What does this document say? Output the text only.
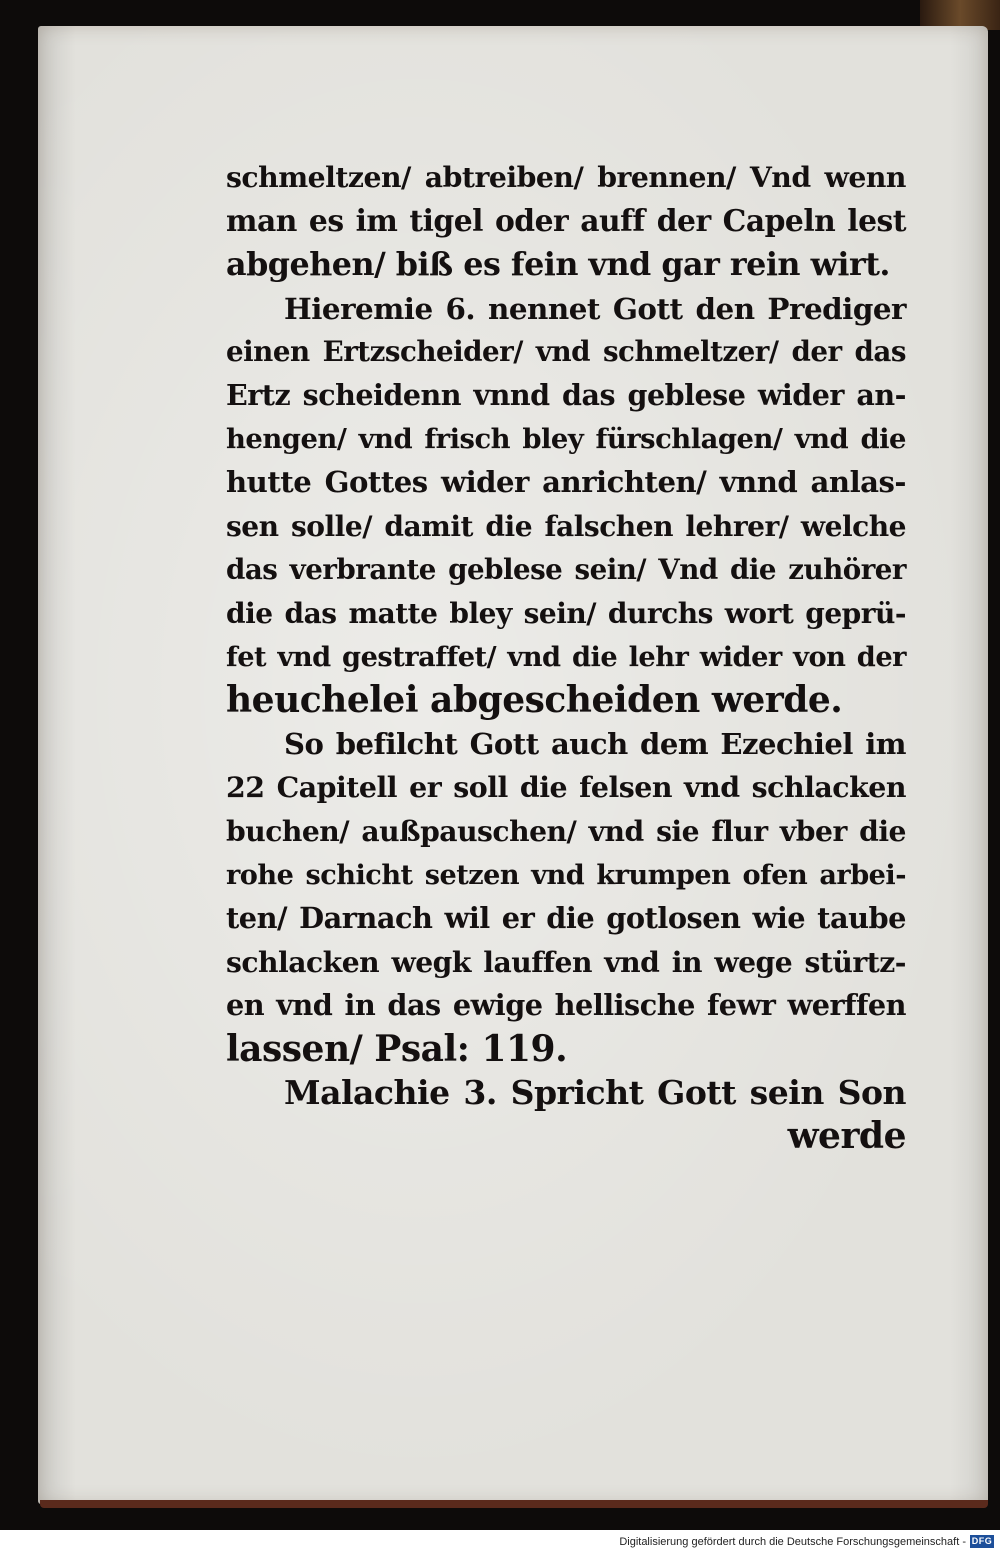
schmeltzen/ abtreiben/ brennen/ Vnd wenn
man es im tigel oder auff der Capeln lest
abgehen/ biß es fein vnd gar rein wirt.
Hieremie 6. nennet Gott den Prediger
einen Ertzscheider/ vnd schmeltzer/ der das
Ertz scheidenn vnnd das geblese wider an-
hengen/ vnd frisch bley fürschlagen/ vnd die
hutte Gottes wider anrichten/ vnnd anlas-
sen solle/ damit die falschen lehrer/ welche
das verbrante geblese sein/ Vnd die zuhörer
die das matte bley sein/ durchs wort geprü-
fet vnd gestraffet/ vnd die lehr wider von der
heuchelei abgescheiden werde.
So befilcht Gott auch dem Ezechiel im
22 Capitell er soll die felsen vnd schlacken
buchen/ außpauschen/ vnd sie flur vber die
rohe schicht setzen vnd krumpen ofen arbei-
ten/ Darnach wil er die gotlosen wie taube
schlacken wegk lauffen vnd in wege stürtz-
en vnd in das ewige hellische fewr werffen
lassen/ Psal: 119.
Malachie 3. Spricht Gott sein Son
werde
Digitalisierung gefördert durch die Deutsche Forschungsgemeinschaft - DFG
